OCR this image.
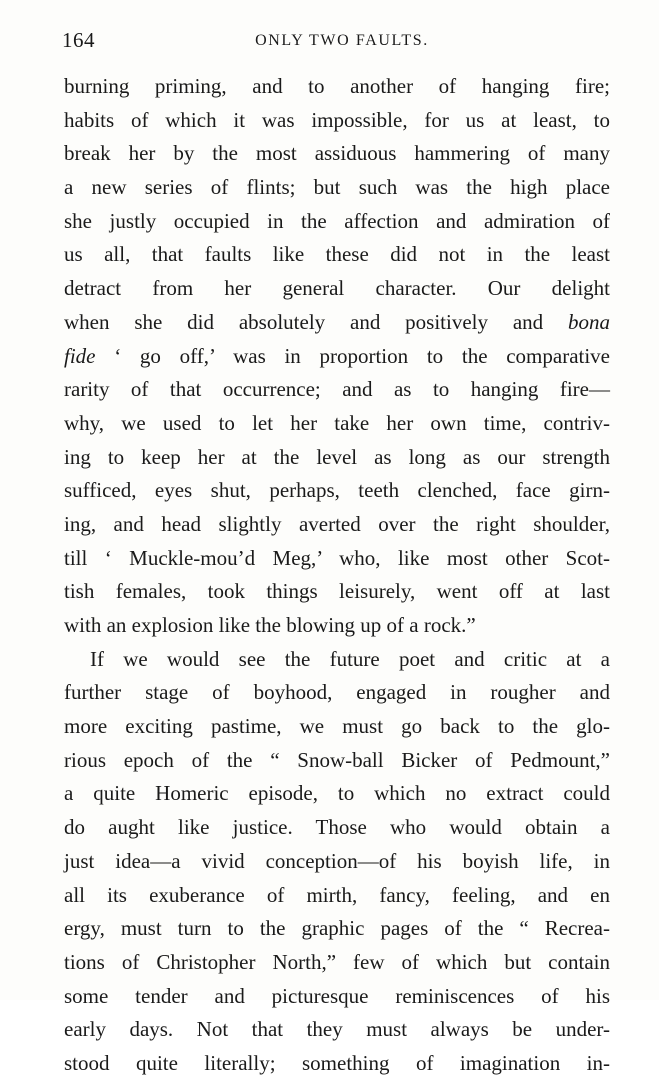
164	ONLY TWO FAULTS.
burning priming, and to another of hanging fire;
habits of which it was impossible, for us at least, to
break her by the most assiduous hammering of many
a new series of flints; but such was the high place
she justly occupied in the affection and admiration of
us all, that faults like these did not in the least
detract from her general character. Our delight
when she did absolutely and positively and bona
fide ‘ go off,’ was in proportion to the comparative
rarity of that occurrence; and as to hanging fire—
why, we used to let her take her own time, contriv-
ing to keep her at the level as long as our strength
sufficed, eyes shut, perhaps, teeth clenched, face girn-
ing, and head slightly averted over the right shoulder,
till ‘ Muckle-mou’d Meg,’ who, like most other Scot-
tish females, took things leisurely, went off at last
with an explosion like the blowing up of a rock.”
If we would see the future poet and critic at a
further stage of boyhood, engaged in rougher and
more exciting pastime, we must go back to the glo-
rious epoch of the “ Snow-ball Bicker of Pedmount,”
a quite Homeric episode, to which no extract could
do aught like justice. Those who would obtain a
just idea—a vivid conception—of his boyish life, in
all its exuberance of mirth, fancy, feeling, and en
ergy, must turn to the graphic pages of the “ Recrea-
tions of Christopher North,” few of which but contain
some tender and picturesque reminiscences of his
early days. Not that they must always be under-
stood quite literally; something of imagination in-
